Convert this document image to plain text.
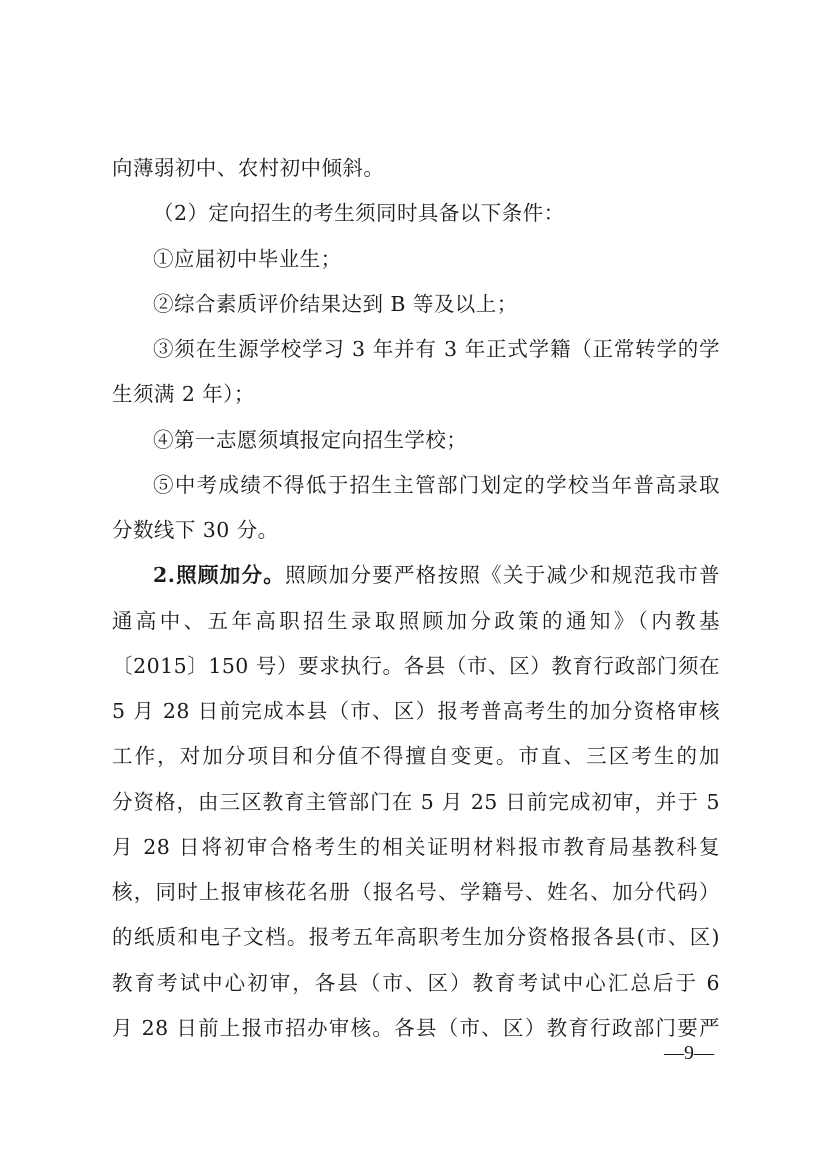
向薄弱初中、农村初中倾斜。
（2）定向招生的考生须同时具备以下条件：
①应届初中毕业生；
②综合素质评价结果达到 B 等及以上；
③须在生源学校学习 3 年并有 3 年正式学籍（正常转学的学
生须满 2 年）；
④第一志愿须填报定向招生学校；
⑤中考成绩不得低于招生主管部门划定的学校当年普高录取
分数线下 30 分。
2.照顾加分。照顾加分要严格按照《关于减少和规范我市普
通高中、五年高职招生录取照顾加分政策的通知》（内教基
〔2015〕150 号）要求执行。各县（市、区）教育行政部门须在
5 月 28 日前完成本县（市、区）报考普高考生的加分资格审核
工作，对加分项目和分值不得擅自变更。市直、三区考生的加
分资格，由三区教育主管部门在 5 月 25 日前完成初审，并于 5
月 28 日将初审合格考生的相关证明材料报市教育局基教科复
核，同时上报审核花名册（报名号、学籍号、姓名、加分代码）
的纸质和电子文档。报考五年高职考生加分资格报各县(市、区)
教育考试中心初审，各县（市、区）教育考试中心汇总后于 6
月 28 日前上报市招办审核。各县（市、区）教育行政部门要严
—9—
